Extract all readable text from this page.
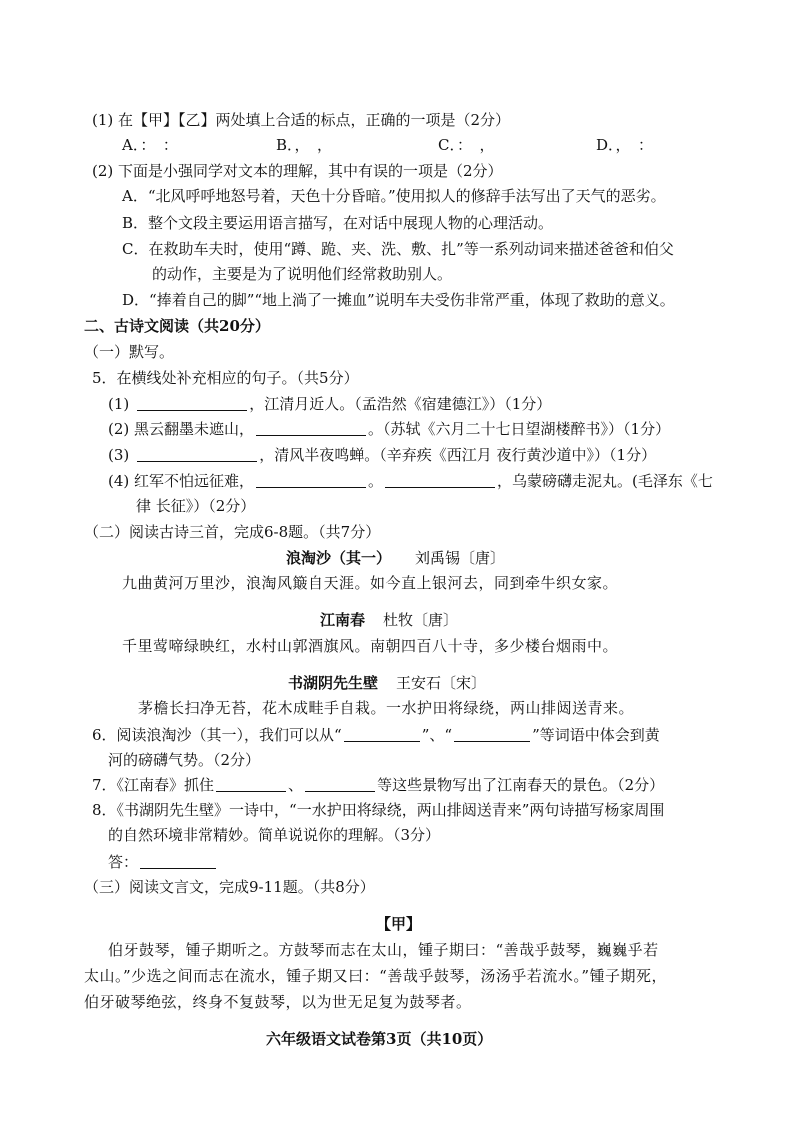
(1) 在【甲】【乙】两处填上合适的标点，正确的一项是（2分）
A．：　：	B．，　，	C．：　，	D．，　：
(2) 下面是小强同学对文本的理解，其中有误的一项是（2分）
A．“北风呼呼地怒号着，天色十分昏暗。”使用拟人的修辞手法写出了天气的恶劣。
B．整个文段主要运用语言描写，在对话中展现人物的心理活动。
C．在救助车夫时，使用“蹲、跪、夹、洗、敷、扎”等一系列动词来描述爸爸和伯父
的动作，主要是为了说明他们经常救助别人。
D．“捧着自己的脚”“地上淌了一摊血”说明车夫受伤非常严重，体现了救助的意义。
二、古诗文阅读（共20分）
（一）默写。
5．在横线处补充相应的句子。（共5分）
(1)	，江清月近人。（孟浩然《宿建德江》）（1分）
(2) 黑云翻墨未遮山，	。（苏轼《六月二十七日望湖楼醉书》）（1分）
(3)	，清风半夜鸣蝉。（辛弃疾《西江月 夜行黄沙道中》）（1分）
(4) 红军不怕远征难，	。	，乌蒙磅礴走泥丸。(毛泽东《七
律 长征》）（2分）
（二）阅读古诗三首，完成6-8题。（共7分）
浪淘沙（其一） 刘禹锡〔唐〕
九曲黄河万里沙，浪淘风簸自天涯。如今直上银河去，同到牵牛织女家。
江南春 杜牧〔唐〕
千里莺啼绿映红，水村山郭酒旗风。南朝四百八十寺，多少楼台烟雨中。
书湖阴先生壁 王安石〔宋〕
茅檐长扫净无苔，花木成畦手自栽。一水护田将绿绕，两山排闼送青来。
6．阅读浪淘沙（其一），我们可以从“	”、“	”等词语中体会到黄
河的磅礴气势。（2分）
7．《江南春》抓住	、	等这些景物写出了江南春天的景色。（2分）
8．《书湖阴先生壁》一诗中，“一水护田将绿绕，两山排闼送青来”两句诗描写杨家周围
的自然环境非常精妙。简单说说你的理解。（3分）
答：
（三）阅读文言文，完成9-11题。（共8分）
【甲】
伯牙鼓琴，锺子期听之。方鼓琴而志在太山，锺子期曰：“善哉乎鼓琴，巍巍乎若
太山。”少选之间而志在流水，锺子期又曰：“善哉乎鼓琴，汤汤乎若流水。”锺子期死，
伯牙破琴绝弦，终身不复鼓琴，以为世无足复为鼓琴者。
六年级语文试卷第3页（共10页）
